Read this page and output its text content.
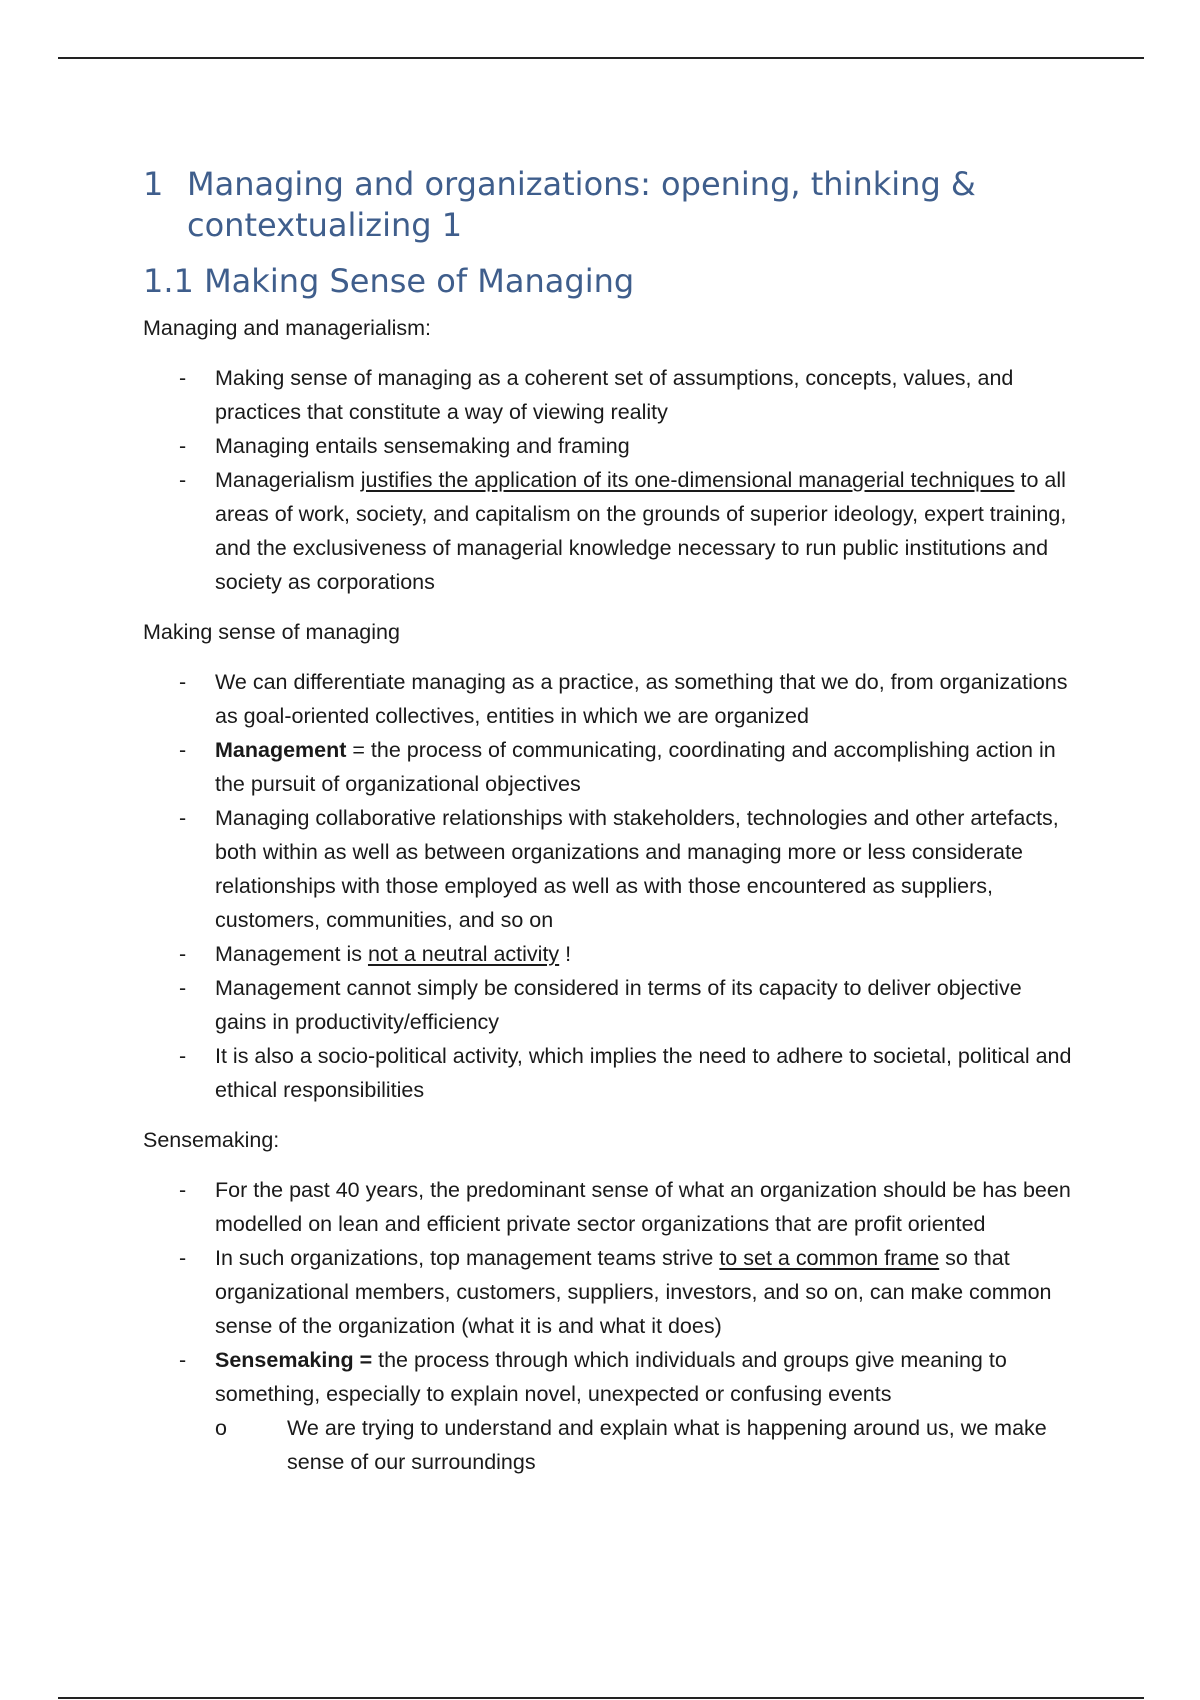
1 Managing and organizations: opening, thinking &
contextualizing 1
1.1 Making Sense of Managing
Managing and managerialism:
- Making sense of managing as a coherent set of assumptions, concepts, values, and practices that constitute a way of viewing reality
- Managing entails sensemaking and framing
- Managerialism justifies the application of its one-dimensional managerial techniques to all areas of work, society, and capitalism on the grounds of superior ideology, expert training, and the exclusiveness of managerial knowledge necessary to run public institutions and society as corporations
Making sense of managing
- We can differentiate managing as a practice, as something that we do, from organizations as goal-oriented collectives, entities in which we are organized
- Management = the process of communicating, coordinating and accomplishing action in the pursuit of organizational objectives
- Managing collaborative relationships with stakeholders, technologies and other artefacts, both within as well as between organizations and managing more or less considerate relationships with those employed as well as with those encountered as suppliers, customers, communities, and so on
- Management is not a neutral activity !
- Management cannot simply be considered in terms of its capacity to deliver objective gains in productivity/efficiency
- It is also a socio-political activity, which implies the need to adhere to societal, political and ethical responsibilities
Sensemaking:
- For the past 40 years, the predominant sense of what an organization should be has been modelled on lean and efficient private sector organizations that are profit oriented
- In such organizations, top management teams strive to set a common frame so that organizational members, customers, suppliers, investors, and so on, can make common sense of the organization (what it is and what it does)
- Sensemaking = the process through which individuals and groups give meaning to something, especially to explain novel, unexpected or confusing events
o	We are trying to understand and explain what is happening around us, we make sense of our surroundings
